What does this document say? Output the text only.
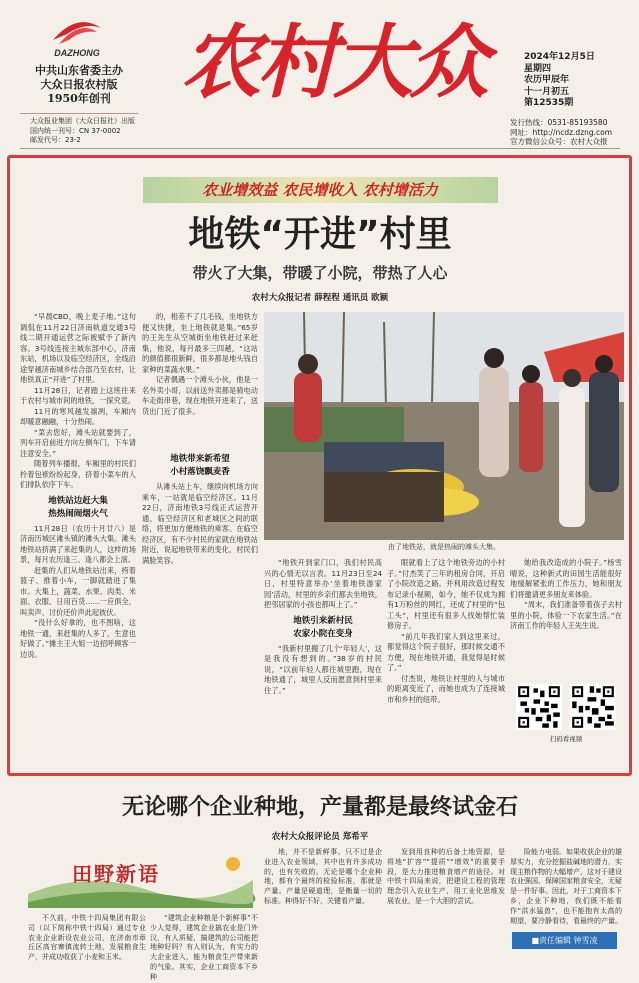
DAZHONG
中共山东省委主办
大众日报农村版
1950年创刊
大众报业集团（大众日报社）出版
国内统一刊号：CN 37-0002
邮发代号：23-2
农村大众	2024年12月5日
星期四
农历甲辰年
十一月初五
第12535期
发行热线：0531-85193580
网址：http://ncdz.dzng.com
官方微信公众号：农村大众报
农业增效益 农民增收入 农村增活力
地铁“开进”村里
带火了大集，带暖了小院，带热了人心
农村大众报记者 薛程程 通讯员 欧颖

“早晨CBD，晚上麦子地。”这句调侃在11月22日济南轨道交通3号线二期开通运营之际被赋予了新内容。3号线连接主城东部中心，济南东站，机场以及临空经济区，全线沿途穿越济南城乡结合部乃至农村，让地铁真正“开进”了村里。

11月28日，记者踏上这班往来于农村与城市间的地铁，一探究竟。

11月的寒风越发凛冽，车厢内却暖意融融，十分热闹。

“菜去您好，滩头站就要到了，列车开启前进方向左侧车门，下车请注意安全。”

随着列车播报，车厢里的村民们拎着包袱纷纷起身，挤着小菜车的人们排队依序下车。

地铁站边赶大集
热热闹闹烟火气

11月28日（农历十月廿八）是济南历城区滩头镇的滩头大集。滩头地铁站挤满了来赶集的人，这样的场景，每月农历逢三、逢八都会上演。

赶集的人们从地铁站出来，挎着篮子、推着小车，一脚就踏进了集市。大集上，蔬菜、水果、肉类、米面、衣服、日用百货……一应俱全，叫卖声、讨价还价声此起彼伏。

“没什么好拿的，也不图啥，这地铁一通，来赶集的人多了，生意也好做了。”摊主王大姐一边招呼顾客一边说。

的，相差不了几毛钱，坐地铁方便又快捷，坐上地铁就是集。”65岁的王先生从空城街坐地铁赶过来赶集，他说，每月最多三四趟，“这站的颜值都很新鲜，很多都是地头钱自家种的菜蔬水果。”

记者偶遇一个滩头小伙，他是一名外卖小哥，以前送外卖都是骑电动车走街串巷，现在地铁开进来了，送货出门近了很多。

地铁带来新希望
小村落饶飘麦香

从滩头站上车，继续向机场方向乘车，一站就是临空经济区。11月22日，济南地铁3号线正式运营开通，临空经济区和老城区之间的联络，将更加方便地铁的乘客。在临空经济区，有不少村民的家就在地铁站附近，说起地铁带来的变化，村民们满脸笑容。

由了地铁站，就是热闹的滩头大集。

“地铁开到家门口，我们村民高兴的心情无以言表。11月23日至24日，村里特意举办‘坐着地铁游家园’活动，村里的乡亲们都去坐地铁，把邻居家的小孩也都叫上了。”

地铁引来新村民
农家小院在变身

“我新村里搬了几个‘年轻人’，这是我没有想到的。”38岁的村民说，“以前年轻人都往城里跑，现在地铁通了，城里人反而愿意到村里来住了。”

眼就看上了这个地铁旁边的小村子。”付杰笑了三年的租房合同，开启了小院改造之路。并利用改造过程发布记录小视频，如今，她不仅成为拥有1万粉丝的网红，还成了村里的“包工头”，村里还有很多人找她帮忙装修房子。

“前几年我们家人到这里来过，都觉得这个院子很好，那时候交通不方便，现在地铁开通，我觉得是时候了。”

付杰说，地铁让村里的人与城市的距离变近了，而她也成为了连接城市和乡村的纽带。

她给我改造成的小院子。”杨雪晴说，这种新式的田园生活能很好地缓解紧张的工作压力，她和朋友们将邀请更多朋友来体验。

“周末，我们准备带着孩子去村里的小院，体验一下农家生活。”在济南工作的年轻人王先生说。

扫码看视频
无论哪个企业种地，产量都是最终试金石
农村大众报评论员 郑希平
田野新语

不久前，中铁十四局集团有限公司（以下简称中铁十四局）通过专业农业企业新设农业公司，在济南市章丘区高官寨镇流转土地，发展粮食生产，并成功收获了小麦和玉米。

“建筑企业种粮是个新鲜事”不少人觉得，建筑企业搞农业是门外汉，有人质疑，搞建筑的公司能把地种好吗？有人则认为，有实力的大企业进入，能为粮食生产带来新的气象。其实，企业工商资本下乡种

地，并不是新鲜事。只不过是企业进入农业领域，其中也有许多成功的，也有失败的。无论是哪个企业种地，都有个最终的检验标准，那就是产量。产量是硬道理，是衡量一切的标准。种得好不好，关键看产量。

发到用良种的后备土地资源，是将地“扩容”“提质”“增效”的重要手段，是大力推进粮食增产的途径。对中铁十四局来说，把建设工程的管理理念引入农业生产，用工业化思维发展农业，是一个大胆的尝试。

险能力电弱。如果收获企业的雄厚实力，充分挖掘盐碱地的潜力，实现主粮作物的大幅增产，这对于建设农业强国、保障国家粮食安全，无疑是一件好事。因此，对于工商资本下乡，企业下种地，我们既不能看作“洪水猛兽”，也不能抱有太高的期望，要冷静看待，看最终的产量。

■责任编辑 钟雪凌
